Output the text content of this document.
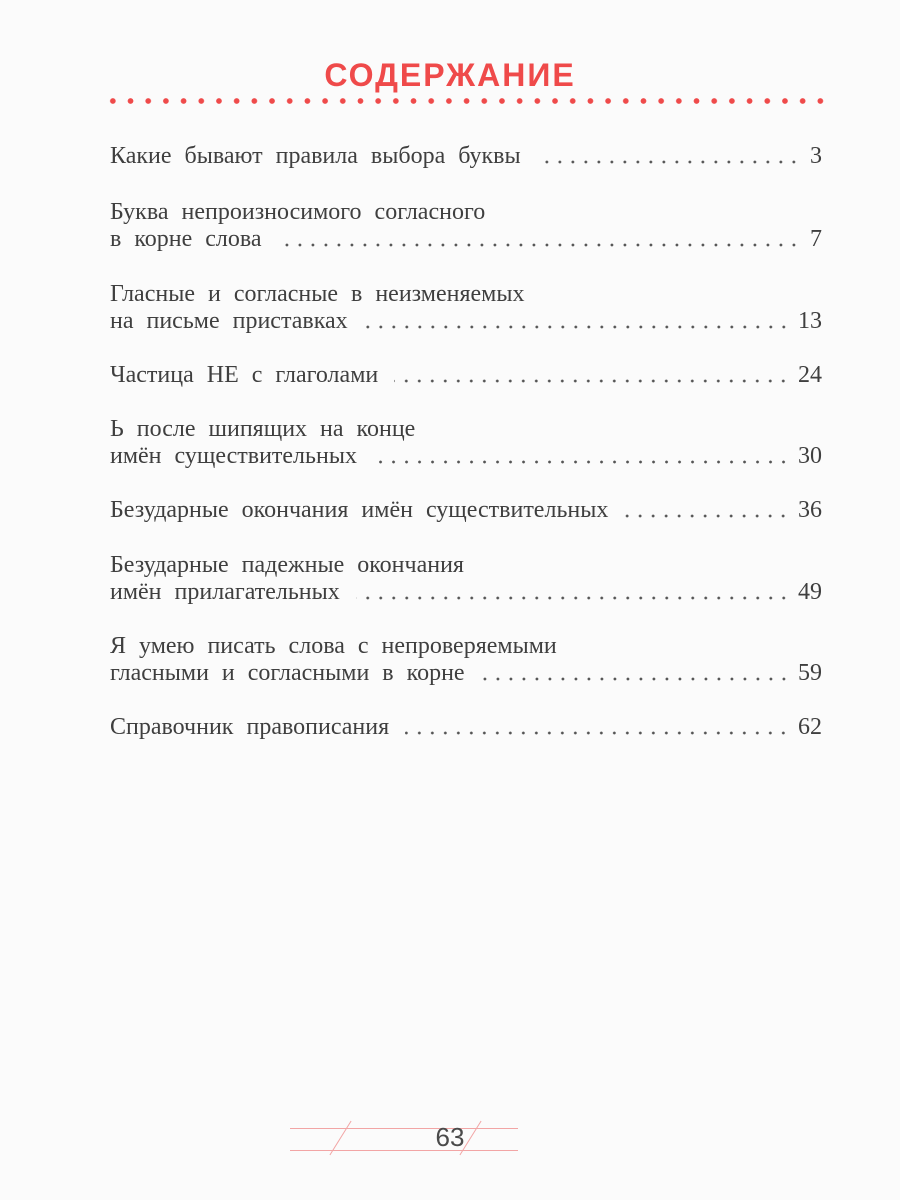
СОДЕРЖАНИЕ
Какие бывают правила выбора буквы	3
Буква непроизносимого согласного
в корне слова	7
Гласные и согласные в неизменяемых
на письме приставках	13
Частица НЕ с глаголами	24
Ь после шипящих на конце
имён существительных	30
Безударные окончания имён существительных	36
Безударные падежные окончания
имён прилагательных	49
Я умею писать слова с непроверяемыми
гласными и согласными в корне	59
Справочник правописания	62
63
